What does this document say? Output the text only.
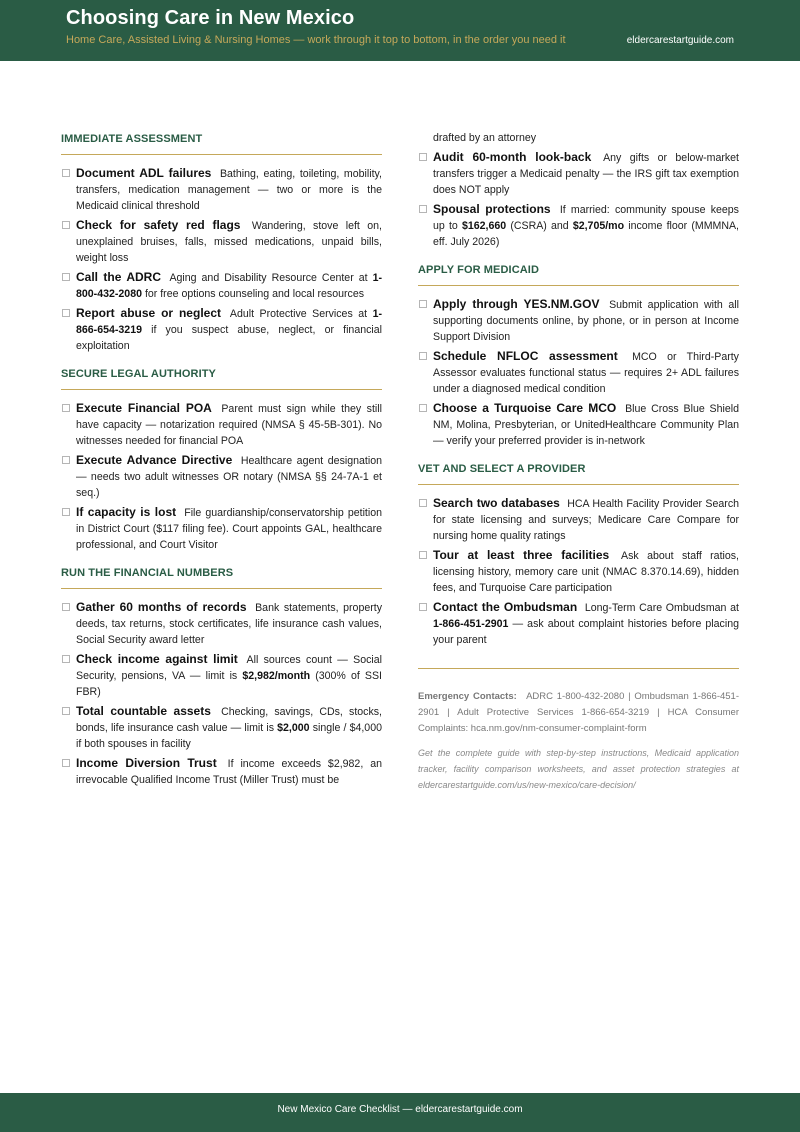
Choosing Care in New Mexico
Home Care, Assisted Living & Nursing Homes — work through it top to bottom, in the order you need it	eldercarestartguide.com
IMMEDIATE ASSESSMENT
Document ADL failures Bathing, eating, toileting, mobility, transfers, medication management — two or more is the Medicaid clinical threshold
Check for safety red flags Wandering, stove left on, unexplained bruises, falls, missed medications, unpaid bills, weight loss
Call the ADRC Aging and Disability Resource Center at 1-800-432-2080 for free options counseling and local resources
Report abuse or neglect Adult Protective Services at 1-866-654-3219 if you suspect abuse, neglect, or financial exploitation
SECURE LEGAL AUTHORITY
Execute Financial POA Parent must sign while they still have capacity — notarization required (NMSA § 45-5B-301). No witnesses needed for financial POA
Execute Advance Directive Healthcare agent designation — needs two adult witnesses OR notary (NMSA §§ 24-7A-1 et seq.)
If capacity is lost File guardianship/conservatorship petition in District Court ($117 filing fee). Court appoints GAL, healthcare professional, and Court Visitor
RUN THE FINANCIAL NUMBERS
Gather 60 months of records Bank statements, property deeds, tax returns, stock certificates, life insurance cash values, Social Security award letter
Check income against limit All sources count — Social Security, pensions, VA — limit is $2,982/month (300% of SSI FBR)
Total countable assets Checking, savings, CDs, stocks, bonds, life insurance cash value — limit is $2,000 single / $4,000 if both spouses in facility
Income Diversion Trust If income exceeds $2,982, an irrevocable Qualified Income Trust (Miller Trust) must be
drafted by an attorney
Audit 60-month look-back Any gifts or below-market transfers trigger a Medicaid penalty — the IRS gift tax exemption does NOT apply
Spousal protections If married: community spouse keeps up to $162,660 (CSRA) and $2,705/mo income floor (MMMNA, eff. July 2026)
APPLY FOR MEDICAID
Apply through YES.NM.GOV Submit application with all supporting documents online, by phone, or in person at Income Support Division
Schedule NFLOC assessment MCO or Third-Party Assessor evaluates functional status — requires 2+ ADL failures under a diagnosed medical condition
Choose a Turquoise Care MCO Blue Cross Blue Shield NM, Molina, Presbyterian, or UnitedHealthcare Community Plan — verify your preferred provider is in-network
VET AND SELECT A PROVIDER
Search two databases HCA Health Facility Provider Search for state licensing and surveys; Medicare Care Compare for nursing home quality ratings
Tour at least three facilities Ask about staff ratios, licensing history, memory care unit (NMAC 8.370.14.69), hidden fees, and Turquoise Care participation
Contact the Ombudsman Long-Term Care Ombudsman at 1-866-451-2901 — ask about complaint histories before placing your parent
Emergency Contacts: ADRC 1-800-432-2080 | Ombudsman 1-866-451-2901 | Adult Protective Services 1-866-654-3219 | HCA Consumer Complaints: hca.nm.gov/nm-consumer-complaint-form
Get the complete guide with step-by-step instructions, Medicaid application tracker, facility comparison worksheets, and asset protection strategies at eldercarestartguide.com/us/new-mexico/care-decision/
New Mexico Care Checklist — eldercarestartguide.com
